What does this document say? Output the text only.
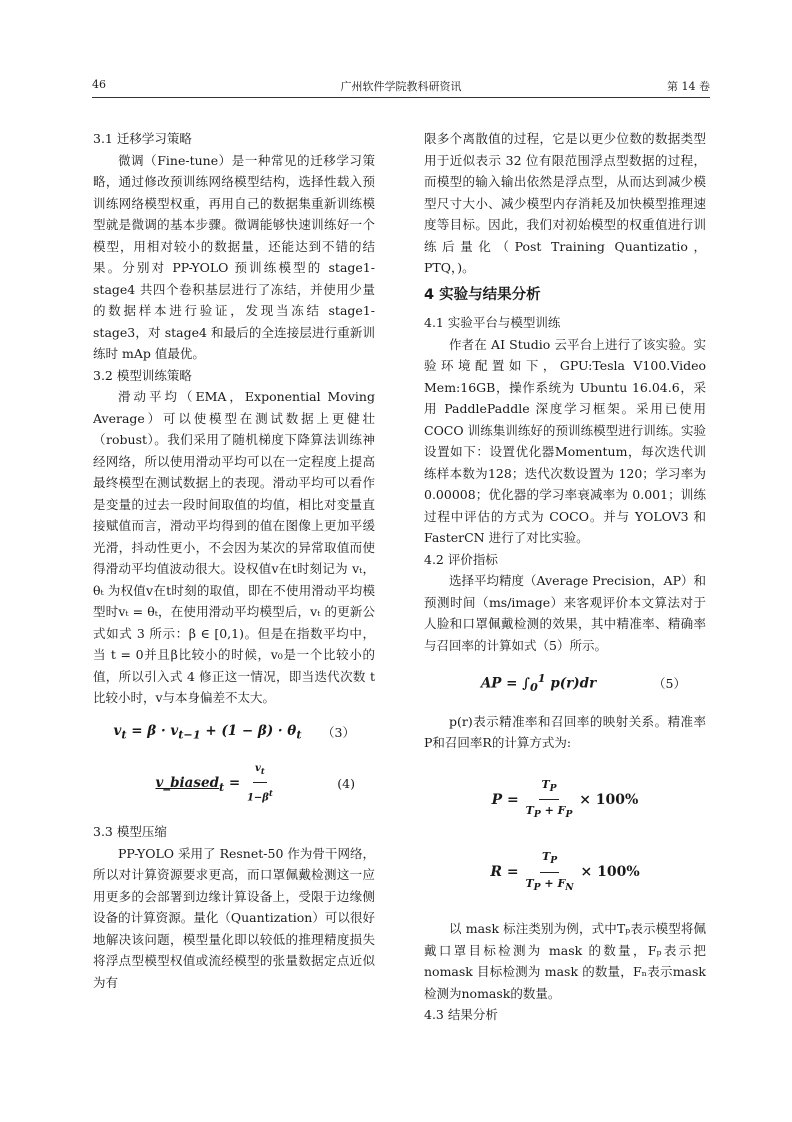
46	广州软件学院教科研资讯	第 14 卷
3.1 迁移学习策略

微调（Fine-tune）是一种常见的迁移学习策略，通过修改预训练网络模型结构，选择性载入预训练网络模型权重，再用自己的数据集重新训练模型就是微调的基本步骤。微调能够快速训练好一个模型，用相对较小的数据量，还能达到不错的结果。分别对 PP-YOLO 预训练模型的 stage1-stage4 共四个卷积基层进行了冻结，并使用少量的数据样本进行验证，发现当冻结 stage1-stage3，对 stage4 和最后的全连接层进行重新训练时 mAp 值最优。

3.2 模型训练策略

滑动平均（EMA，Exponential Moving Average）可以使模型在测试数据上更健壮（robust）。我们采用了随机梯度下降算法训练神经网络，所以使用滑动平均可以在一定程度上提高最终模型在测试数据上的表现。滑动平均可以看作是变量的过去一段时间取值的均值，相比对变量直接赋值而言，滑动平均得到的值在图像上更加平缓光滑，抖动性更小，不会因为某次的异常取值而使得滑动平均值波动很大。设权值v在t时刻记为 vₜ，θₜ 为权值v在t时刻的取值，即在不使用滑动平均模型时vₜ = θₜ，在使用滑动平均模型后，vₜ 的更新公式如式 3 所示：β ∈ [0,1)。但是在指数平均中，当 t = 0并且β比较小的时候，v₀是一个比较小的值，所以引入式 4 修正这一情况，即当迭代次数 t 比较小时，v与本身偏差不太大。

$v_t = \beta \cdot v_{t-1} + (1 - \beta) \cdot \theta_t$	（3）
v_biased$_t$ = $\frac{v_t}{1-\beta^t}$	(4)
3.3 模型压缩

PP-YOLO 采用了 Resnet-50 作为骨干网络，所以对计算资源要求更高，而口罩佩戴检测这一应用更多的会部署到边缘计算设备上，受限于边缘侧设备的计算资源。量化（Quantization）可以很好地解决该问题，模型量化即以较低的推理精度损失将浮点型模型权值或流经模型的张量数据定点近似为有

限多个离散值的过程，它是以更少位数的数据类型用于近似表示 32 位有限范围浮点型数据的过程，而模型的输入输出依然是浮点型，从而达到减少模型尺寸大小、减少模型内存消耗及加快模型推理速度等目标。因此，我们对初始模型的权重值进行训练后量化（Post Training Quantizatio，PTQ，)。

4 实验与结果分析
4.1 实验平台与模型训练

作者在 AI Studio 云平台上进行了该实验。实验环境配置如下，GPU:Tesla V100.Video Mem:16GB，操作系统为 Ubuntu 16.04.6，采用 PaddlePaddle 深度学习框架。采用已使用 COCO 训练集训练好的预训练模型进行训练。实验设置如下：设置优化器Momentum，每次迭代训练样本数为128；迭代次数设置为 120；学习率为 0.00008；优化器的学习率衰减率为 0.001；训练过程中评估的方式为 COCO。并与 YOLOV3 和 FasterCN 进行了对比实验。

4.2 评价指标

选择平均精度（Average Precision，AP）和预测时间（ms/image）来客观评价本文算法对于人脸和口罩佩戴检测的效果，其中精准率、精确率与召回率的计算如式（5）所示。

AP = $\int_0^1$ p(r)dr	（5）

p(r)表示精准率和召回率的映射关系。精准率P和召回率R的计算方式为:

$P = \frac{T_P}{T_P + F_P} \times 100\%$
$R = \frac{T_P}{T_P + F_N} \times 100\%$

以 mask 标注类别为例，式中Tₚ表示模型将佩戴口罩目标检测为 mask 的数量，Fₚ表示把 nomask 目标检测为 mask 的数量，Fₙ表示mask检测为nomask的数量。

4.3 结果分析
